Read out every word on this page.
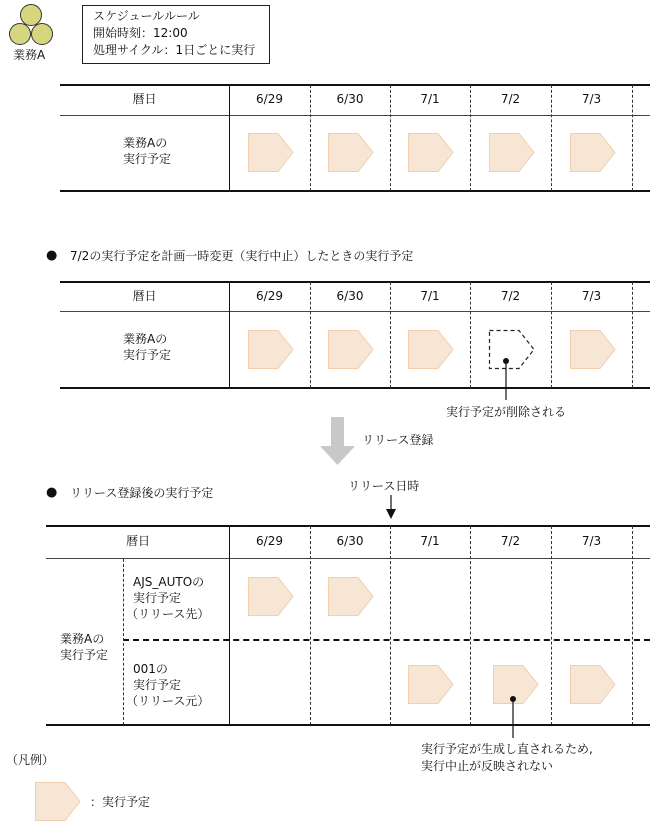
業務A
スケジュールルール
開始時刻：12:00
処理サイクル：1日ごとに実行
暦日	6/29	6/30	7/1	7/2	7/3
業務Aの
実行予定
● 7/2の実行予定を計画一時変更（実行中止）したときの実行予定
暦日	6/29	6/30	7/1	7/2	7/3
業務Aの
実行予定
実行予定が削除される
リリース登録
● リリース登録後の実行予定	リリース日時
暦日	6/29	6/30	7/1	7/2	7/3
業務Aの
実行予定
AJS_AUTOの
実行予定
（リリース先）
001の
実行予定
（リリース元）
実行予定が生成し直されるため,
実行中止が反映されない
（凡例）
：実行予定
